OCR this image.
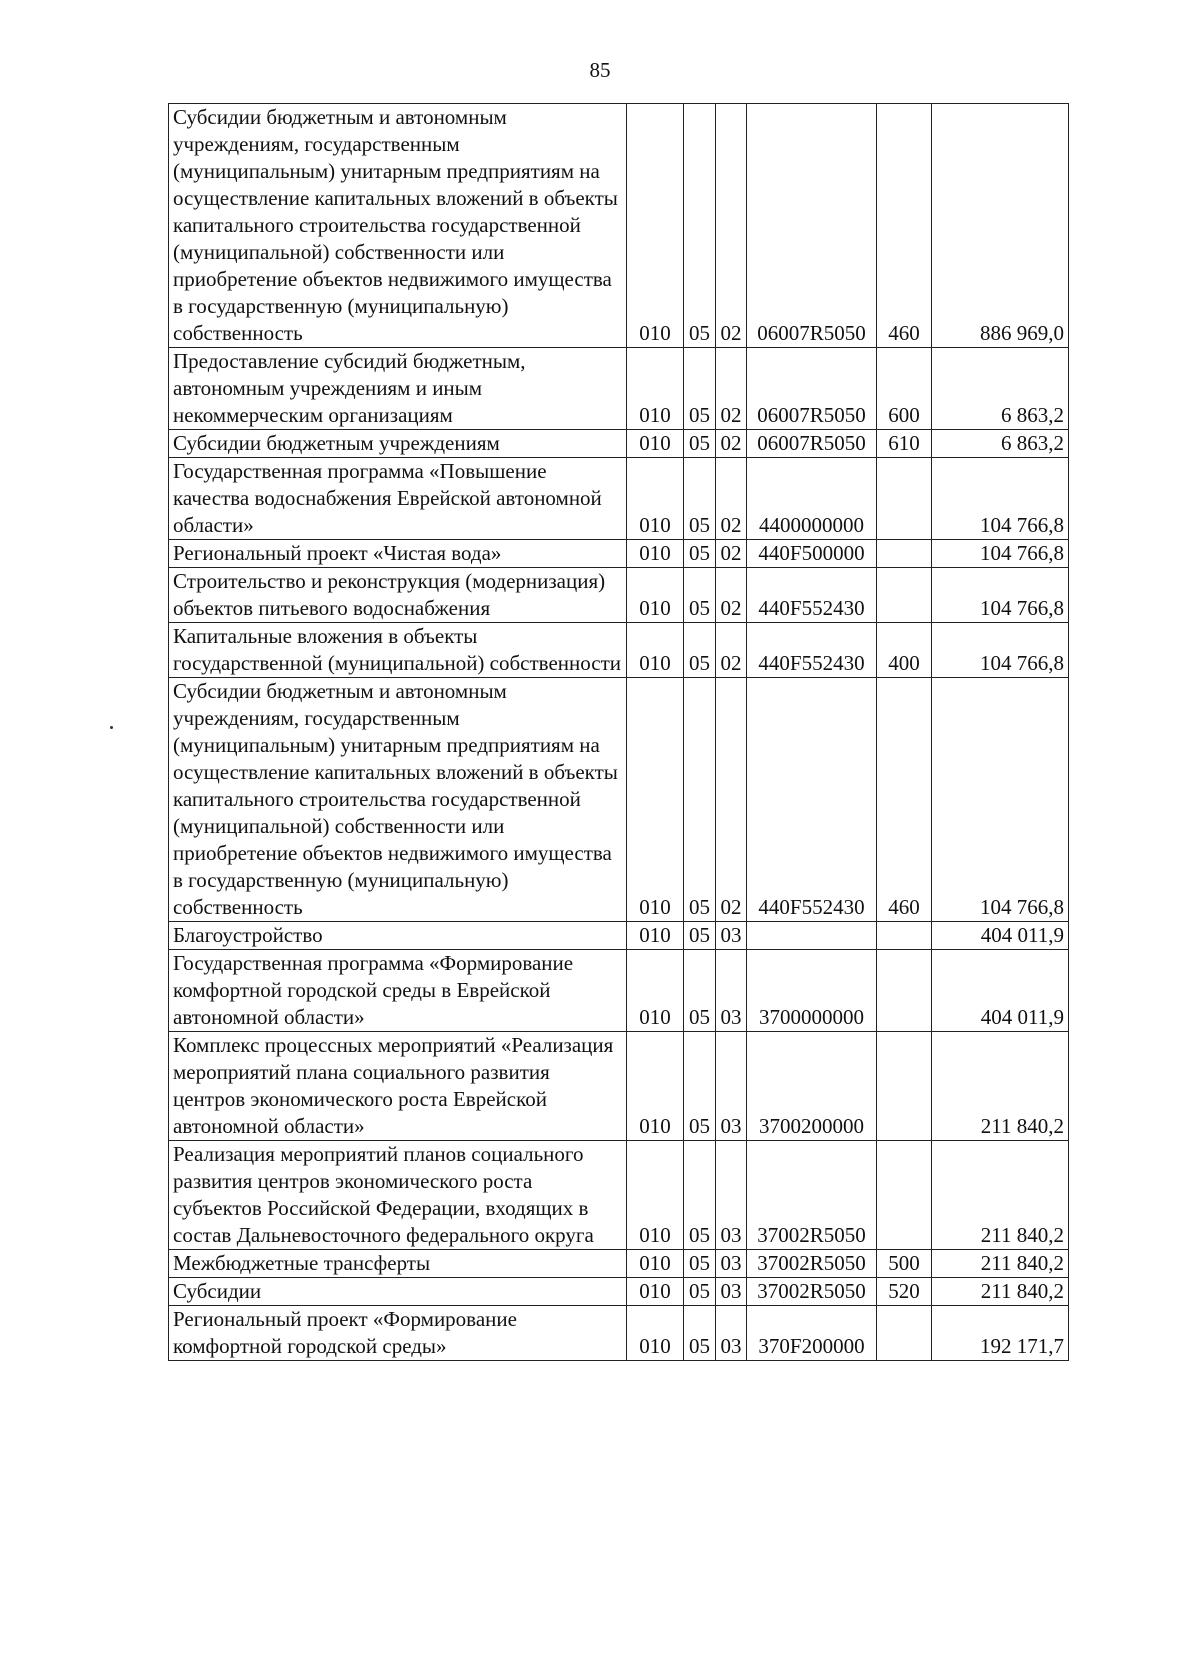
85
Субсидии бюджетным и автономным учреждениям, государственным (муниципальным) унитарным предприятиям на осуществление капитальных вложений в объекты капитального строительства государственной (муниципальной) собственности или приобретение объектов недвижимого имущества в государственную (муниципальную) собственность	010	05	02	06007R5050	460	886 969,0
Предоставление субсидий бюджетным, автономным учреждениям и иным некоммерческим организациям	010	05	02	06007R5050	600	6 863,2
Субсидии бюджетным учреждениям	010	05	02	06007R5050	610	6 863,2
Государственная программа «Повышение качества водоснабжения Еврейской автономной области»	010	05	02	4400000000		104 766,8
Региональный проект «Чистая вода»	010	05	02	440F500000		104 766,8
Строительство и реконструкция (модернизация) объектов питьевого водоснабжения	010	05	02	440F552430		104 766,8
Капитальные вложения в объекты государственной (муниципальной) собственности	010	05	02	440F552430	400	104 766,8
Субсидии бюджетным и автономным учреждениям, государственным (муниципальным) унитарным предприятиям на осуществление капитальных вложений в объекты капитального строительства государственной (муниципальной) собственности или приобретение объектов недвижимого имущества в государственную (муниципальную) собственность	010	05	02	440F552430	460	104 766,8
Благоустройство	010	05	03			404 011,9
Государственная программа «Формирование комфортной городской среды в Еврейской автономной области»	010	05	03	3700000000		404 011,9
Комплекс процессных мероприятий «Реализация мероприятий плана социального развития центров экономического роста Еврейской автономной области»	010	05	03	3700200000		211 840,2
Реализация мероприятий планов социального развития центров экономического роста субъектов Российской Федерации, входящих в состав Дальневосточного федерального округа	010	05	03	37002R5050		211 840,2
Межбюджетные трансферты	010	05	03	37002R5050	500	211 840,2
Субсидии	010	05	03	37002R5050	520	211 840,2
Региональный проект «Формирование комфортной городской среды»	010	05	03	370F200000		192 171,7
